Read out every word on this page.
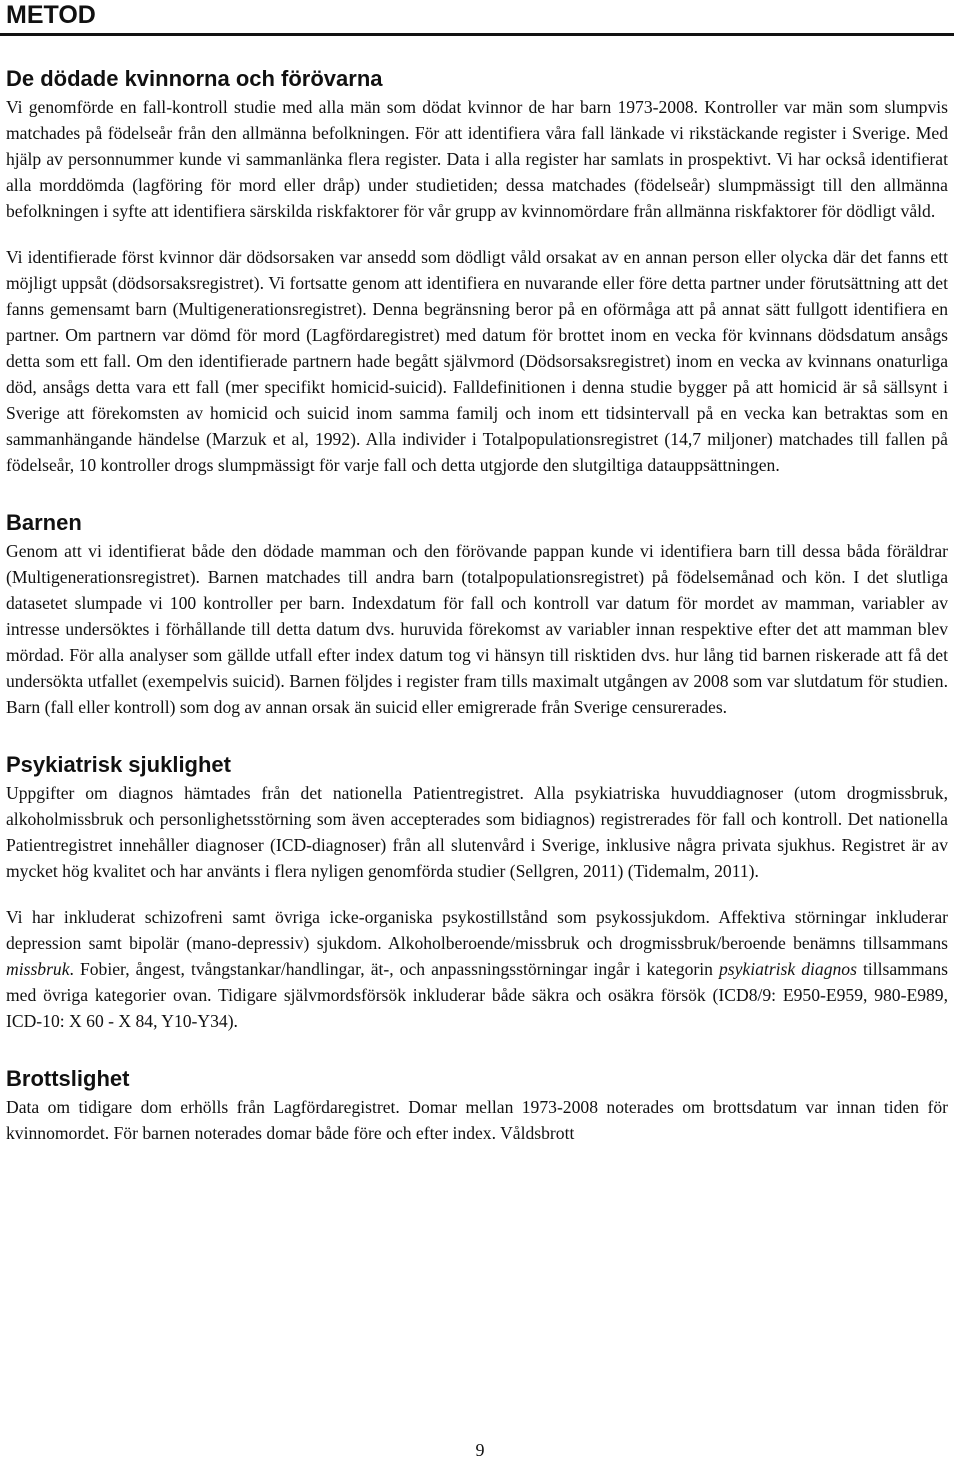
METOD
De dödade kvinnorna och förövarna

Vi genomförde en fall-kontroll studie med alla män som dödat kvinnor de har barn 1973-2008. Kontroller var män som slumpvis matchades på födelseår från den allmänna befolkningen. För att identifiera våra fall länkade vi rikstäckande register i Sverige. Med hjälp av personnummer kunde vi sammanlänka flera register. Data i alla register har samlats in prospektivt. Vi har också identifierat alla morddömda (lagföring för mord eller dråp) under studietiden; dessa matchades (födelseår) slumpmässigt till den allmänna befolkningen i syfte att identifiera särskilda riskfaktorer för vår grupp av kvinnomördare från allmänna riskfaktorer för dödligt våld.

Vi identifierade först kvinnor där dödsorsaken var ansedd som dödligt våld orsakat av en annan person eller olycka där det fanns ett möjligt uppsåt (dödsorsaksregistret). Vi fortsatte genom att identifiera en nuvarande eller före detta partner under förutsättning att det fanns gemensamt barn (Multigenerationsregistret). Denna begränsning beror på en oförmåga att på annat sätt fullgott identifiera en partner. Om partnern var dömd för mord (Lagfördaregistret) med datum för brottet inom en vecka för kvinnans dödsdatum ansågs detta som ett fall. Om den identifierade partnern hade begått självmord (Dödsorsaksregistret) inom en vecka av kvinnans onaturliga död, ansågs detta vara ett fall (mer specifikt homicid-suicid). Falldefinitionen i denna studie bygger på att homicid är så sällsynt i Sverige att förekomsten av homicid och suicid inom samma familj och inom ett tidsintervall på en vecka kan betraktas som en sammanhängande händelse (Marzuk et al, 1992). Alla individer i Totalpopulationsregistret (14,7 miljoner) matchades till fallen på födelseår, 10 kontroller drogs slumpmässigt för varje fall och detta utgjorde den slutgiltiga datauppsättningen.

Barnen

Genom att vi identifierat både den dödade mamman och den förövande pappan kunde vi identifiera barn till dessa båda föräldrar (Multigenerationsregistret). Barnen matchades till andra barn (totalpopulationsregistret) på födelsemånad och kön. I det slutliga datasetet slumpade vi 100 kontroller per barn. Indexdatum för fall och kontroll var datum för mordet av mamman, variabler av intresse undersöktes i förhållande till detta datum dvs. huruvida förekomst av variabler innan respektive efter det att mamman blev mördad. För alla analyser som gällde utfall efter index datum tog vi hänsyn till risktiden dvs. hur lång tid barnen riskerade att få det undersökta utfallet (exempelvis suicid). Barnen följdes i register fram tills maximalt utgången av 2008 som var slutdatum för studien. Barn (fall eller kontroll) som dog av annan orsak än suicid eller emigrerade från Sverige censurerades.

Psykiatrisk sjuklighet

Uppgifter om diagnos hämtades från det nationella Patientregistret. Alla psykiatriska huvuddiagnoser (utom drogmissbruk, alkoholmissbruk och personlighetsstörning som även accepterades som bidiagnos) registrerades för fall och kontroll. Det nationella Patientregistret innehåller diagnoser (ICD-diagnoser) från all slutenvård i Sverige, inklusive några privata sjukhus. Registret är av mycket hög kvalitet och har använts i flera nyligen genomförda studier (Sellgren, 2011) (Tidemalm, 2011).

Vi har inkluderat schizofreni samt övriga icke-organiska psykostillstånd som psykossjukdom. Affektiva störningar inkluderar depression samt bipolär (mano-depressiv) sjukdom. Alkoholberoende/missbruk och drogmissbruk/beroende benämns tillsammans missbruk. Fobier, ångest, tvångstankar/handlingar, ät-, och anpassningsstörningar ingår i kategorin psykiatrisk diagnos tillsammans med övriga kategorier ovan. Tidigare självmordsförsök inkluderar både säkra och osäkra försök (ICD8/9: E950-E959, 980-E989, ICD-10: X 60 - X 84, Y10-Y34).

Brottslighet

Data om tidigare dom erhölls från Lagfördaregistret. Domar mellan 1973-2008 noterades om brottsdatum var innan tiden för kvinnomordet. För barnen noterades domar både före och efter index. Våldsbrott

9
